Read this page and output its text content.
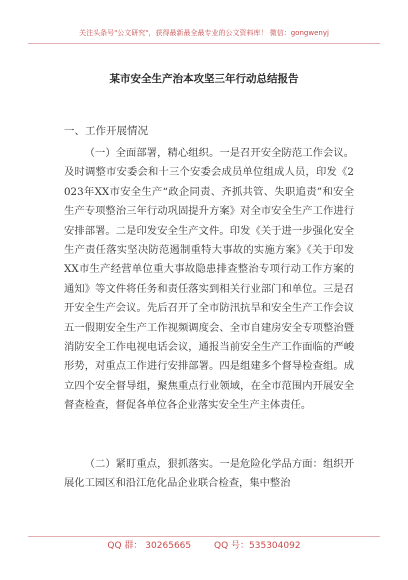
关注头条号"公文研究"，获得最新最全最专业的公文资料库！ 微信：gongwenyj
某市安全生产治本攻坚三年行动总结报告
一、工作开展情况

（一）全面部署，精心组织。一是召开安全防范工作会议。及时调整市安委会和十三个安委会成员单位组成人员，印发《2023年XX市安全生产“政企同责、齐抓共管、失职追责”和安全生产专项整治三年行动巩固提升方案》对全市安全生产工作进行安排部署。二是印发安全生产文件。印发《关于进一步强化安全生产责任落实坚决防范遏制重特大事故的实施方案》《关于印发XX市生产经营单位重大事故隐患排查整治专项行动工作方案的通知》等文件将任务和责任落实到相关行业部门和单位。三是召开安全生产会议。先后召开了全市防汛抗旱和安全生产工作会议五一假期安全生产工作视频调度会、全市自建房安全专项整治暨消防安全工作电视电话会议，通报当前安全生产工作面临的严峻形势，对重点工作进行安排部署。四是组建多个督导检查组。成立四个安全督导组，聚焦重点行业领域，在全市范围内开展安全督查检查，督促各单位各企业落实安全生产主体责任。

（二）紧盯重点，狠抓落实。一是危险化学品方面：组织开展化工园区和沿江危化品企业联合检查，集中整治

QQ 群： 30265665	QQ 号：535304092
